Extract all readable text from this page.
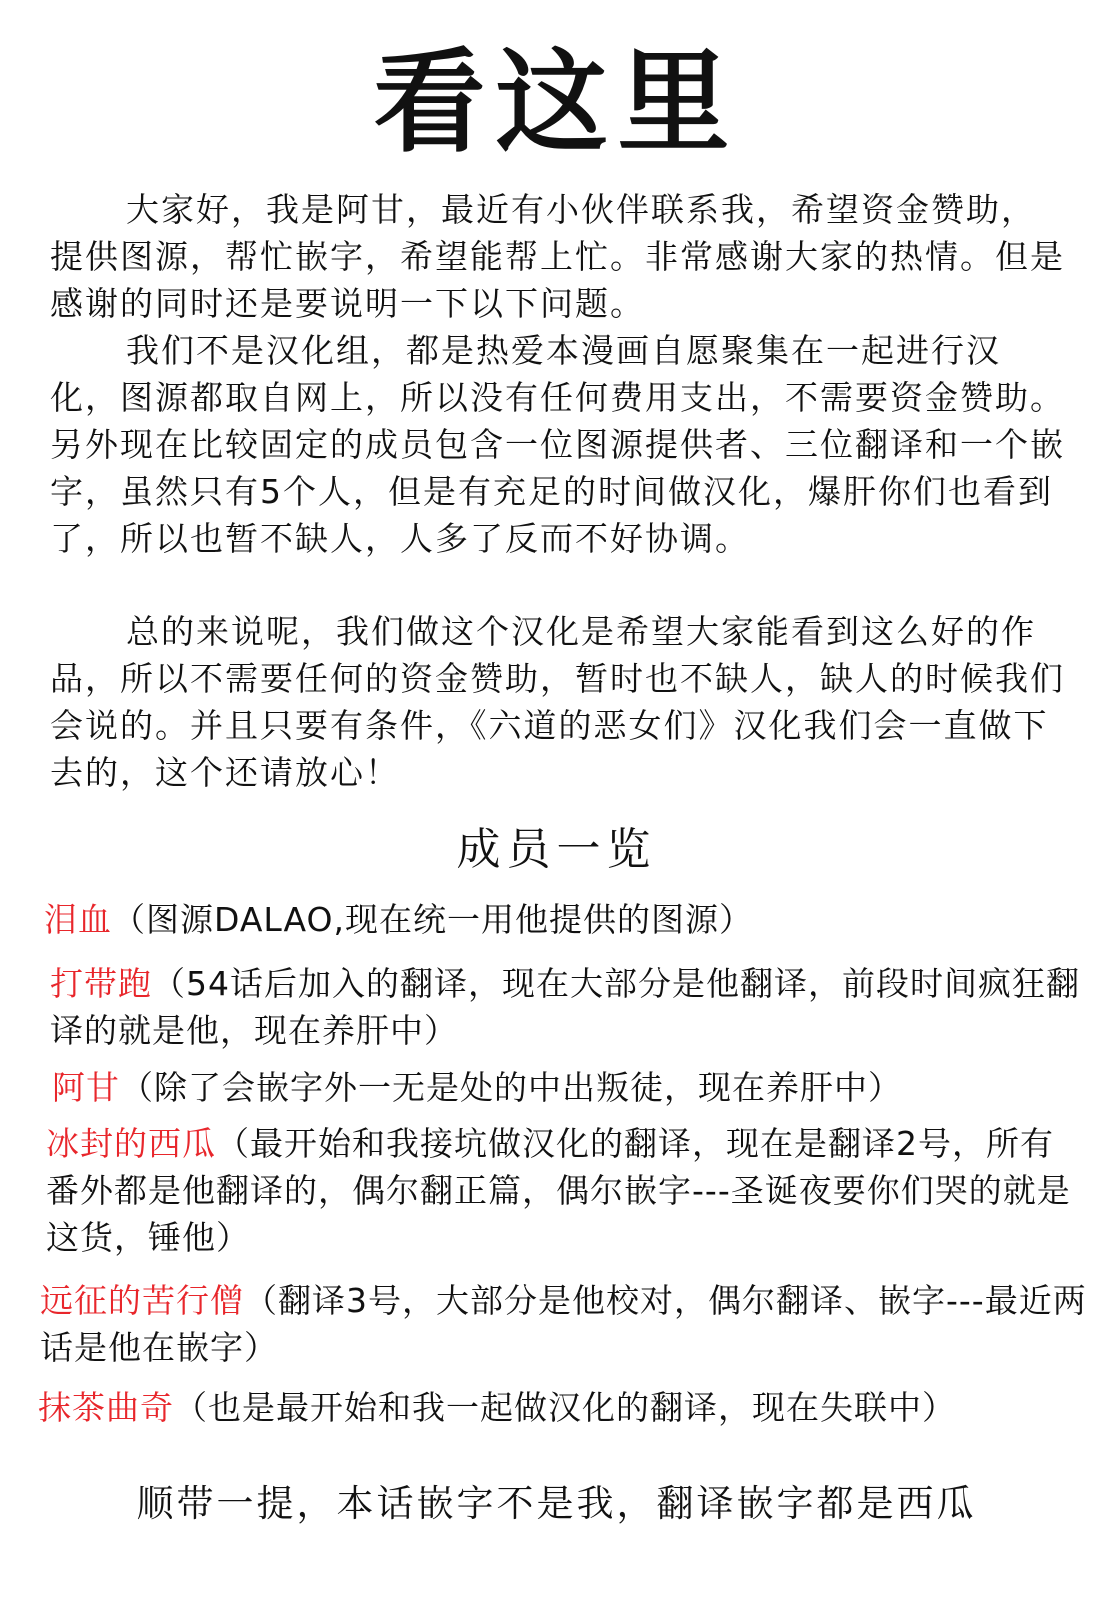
看这里

大家好，我是阿甘，最近有小伙伴联系我，希望资金赞助，提供图源，帮忙嵌字，希望能帮上忙。非常感谢大家的热情。但是感谢的同时还是要说明一下以下问题。

我们不是汉化组，都是热爱本漫画自愿聚集在一起进行汉化，图源都取自网上，所以没有任何费用支出，不需要资金赞助。另外现在比较固定的成员包含一位图源提供者、三位翻译和一个嵌字，虽然只有5个人，但是有充足的时间做汉化，爆肝你们也看到了，所以也暂不缺人，人多了反而不好协调。

总的来说呢，我们做这个汉化是希望大家能看到这么好的作品，所以不需要任何的资金赞助，暂时也不缺人，缺人的时候我们会说的。并且只要有条件，《六道的恶女们》汉化我们会一直做下去的，这个还请放心！

成员一览

泪血（图源DALAO,现在统一用他提供的图源）

打带跑（54话后加入的翻译，现在大部分是他翻译，前段时间疯狂翻译的就是他，现在养肝中）

阿甘（除了会嵌字外一无是处的中出叛徒，现在养肝中）

冰封的西瓜（最开始和我接坑做汉化的翻译，现在是翻译2号，所有番外都是他翻译的，偶尔翻正篇，偶尔嵌字---圣诞夜要你们哭的就是这货，锤他）

远征的苦行僧（翻译3号，大部分是他校对，偶尔翻译、嵌字---最近两话是他在嵌字）

抹茶曲奇（也是最开始和我一起做汉化的翻译，现在失联中）

顺带一提，本话嵌字不是我，翻译嵌字都是西瓜
